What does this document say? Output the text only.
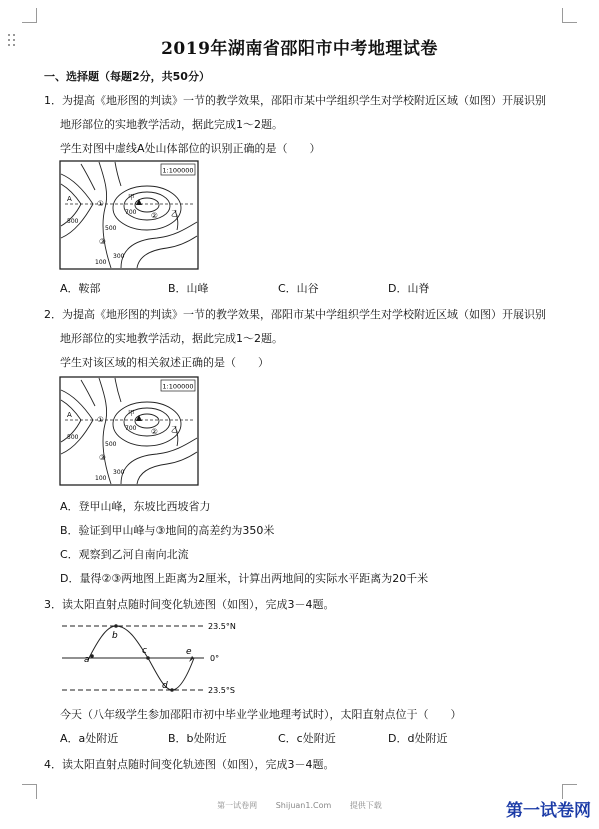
2019年湖南省邵阳市中考地理试卷
一、选择题（每题2分，共50分）
1．为提高《地形图的判读》一节的教学效果，邵阳市某中学组织学生对学校附近区域（如图）开展识别
地形部位的实地教学活动，据此完成1～2题。
学生对图中虚线A处山体部位的识别正确的是（　　）
1:100000
甲
乙
①
②
③
A
700
500
500
300
100
A．鞍部	B．山峰	C．山谷	D．山脊
2．为提高《地形图的判读》一节的教学效果，邵阳市某中学组织学生对学校附近区域（如图）开展识别
地形部位的实地教学活动，据此完成1～2题。
学生对该区域的相关叙述正确的是（　　）
1:100000
甲
乙
①
②
③
A
700
500
500
300
100
A．登甲山峰，东坡比西坡省力
B．验证到甲山峰与③地间的高差约为350米
C．观察到乙河自南向北流
D．量得②③两地图上距离为2厘米，计算出两地间的实际水平距离为20千米
3．读太阳直射点随时间变化轨迹图（如图），完成3－4题。
23.5°N
0°
23.5°S
a
b
c
d
e
今天（八年级学生参加邵阳市初中毕业学业地理考试时），太阳直射点位于（　　）
A．a处附近	B．b处附近	C．c处附近	D．d处附近
4．读太阳直射点随时间变化轨迹图（如图），完成3－4题。
第一试卷网 Shijuan1.Com 提供下载	第一试卷网
